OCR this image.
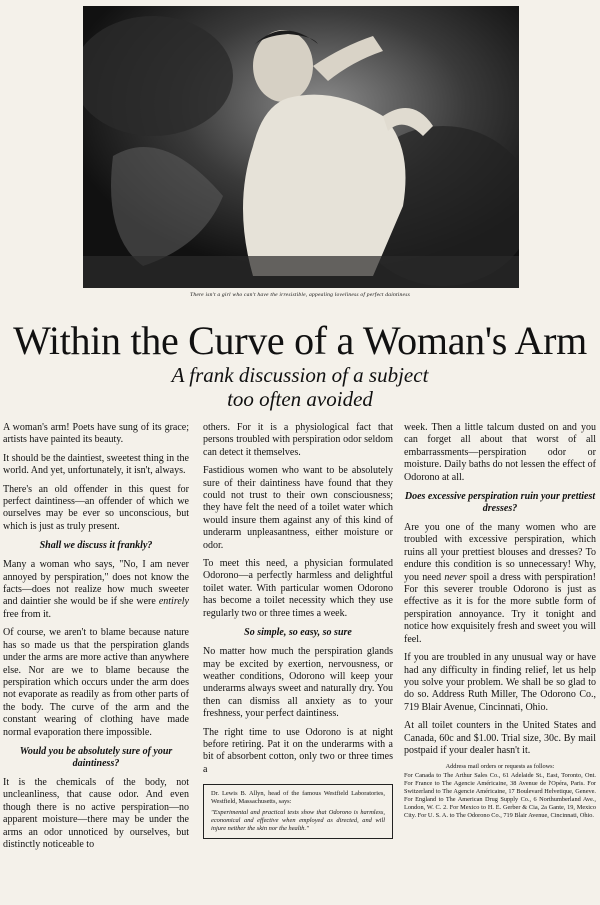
There isn't a girl who can't have the irresistible, appealing loveliness of perfect daintiness
Within the Curve of a Woman's Arm
A frank discussion of a subject
too often avoided

A woman's arm! Poets have sung of its grace; artists have painted its beauty.

It should be the daintiest, sweetest thing in the world. And yet, unfortunately, it isn't, always.

There's an old offender in this quest for perfect daintiness—an offender of which we ourselves may be ever so unconscious, but which is just as truly present.

Shall we discuss it frankly?

Many a woman who says, "No, I am never annoyed by perspiration," does not know the facts—does not realize how much sweeter and daintier she would be if she were entirely free from it.

Of course, we aren't to blame because nature has so made us that the perspiration glands under the arms are more active than anywhere else. Nor are we to blame because the perspiration which occurs under the arm does not evaporate as readily as from other parts of the body. The curve of the arm and the constant wearing of clothing have made normal evaporation there impossible.

Would you be absolutely sure of your daintiness?

It is the chemicals of the body, not uncleanliness, that cause odor. And even though there is no active perspiration—no apparent moisture—there may be under the arms an odor unnoticed by ourselves, but distinctly noticeable to

others. For it is a physiological fact that persons troubled with perspiration odor seldom can detect it themselves.

Fastidious women who want to be absolutely sure of their daintiness have found that they could not trust to their own consciousness; they have felt the need of a toilet water which would insure them against any of this kind of underarm unpleasantness, either moisture or odor.

To meet this need, a physician formulated Odorono—a perfectly harmless and delightful toilet water. With particular women Odorono has become a toilet necessity which they use regularly two or three times a week.

So simple, so easy, so sure

No matter how much the perspiration glands may be excited by exertion, nervousness, or weather conditions, Odorono will keep your underarms always sweet and naturally dry. You then can dismiss all anxiety as to your freshness, your perfect daintiness.

The right time to use Odorono is at night before retiring. Pat it on the underarms with a bit of absorbent cotton, only two or three times a

Dr. Lewis B. Allyn, head of the famous Westfield Laboratories, Westfield, Massachusetts, says:
"Experimental and practical tests show that Odorono is harmless, economical and effective when employed as directed, and will injure neither the skin nor the health."

week. Then a little talcum dusted on and you can forget all about that worst of all embarrassments—perspiration odor or moisture. Daily baths do not lessen the effect of Odorono at all.

Does excessive perspiration ruin your prettiest dresses?

Are you one of the many women who are troubled with excessive perspiration, which ruins all your prettiest blouses and dresses? To endure this condition is so unnecessary! Why, you need never spoil a dress with perspiration! For this severer trouble Odorono is just as effective as it is for the more subtle form of perspiration annoyance. Try it tonight and notice how exquisitely fresh and sweet you will feel.

If you are troubled in any unusual way or have had any difficulty in finding relief, let us help you solve your problem. We shall be so glad to do so. Address Ruth Miller, The Odorono Co., 719 Blair Avenue, Cincinnati, Ohio.

At all toilet counters in the United States and Canada, 60c and $1.00. Trial size, 30c. By mail postpaid if your dealer hasn't it.

Address mail orders or requests as follows:
For Canada to The Arthur Sales Co., 61 Adelaide St., East, Toronto, Ont. For France to The Agencie Américaine, 38 Avenue de l'Opéra, Paris. For Switzerland to The Agencie Américaine, 17 Boulevard Helvetique, Geneve. For England to The American Drug Supply Co., 6 Northumberland Ave., London, W. C. 2. For Mexico to H. E. Gerber & Cia, 2a Gante, 19, Mexico City. For U. S. A. to The Odorono Co., 719 Blair Avenue, Cincinnati, Ohio.
